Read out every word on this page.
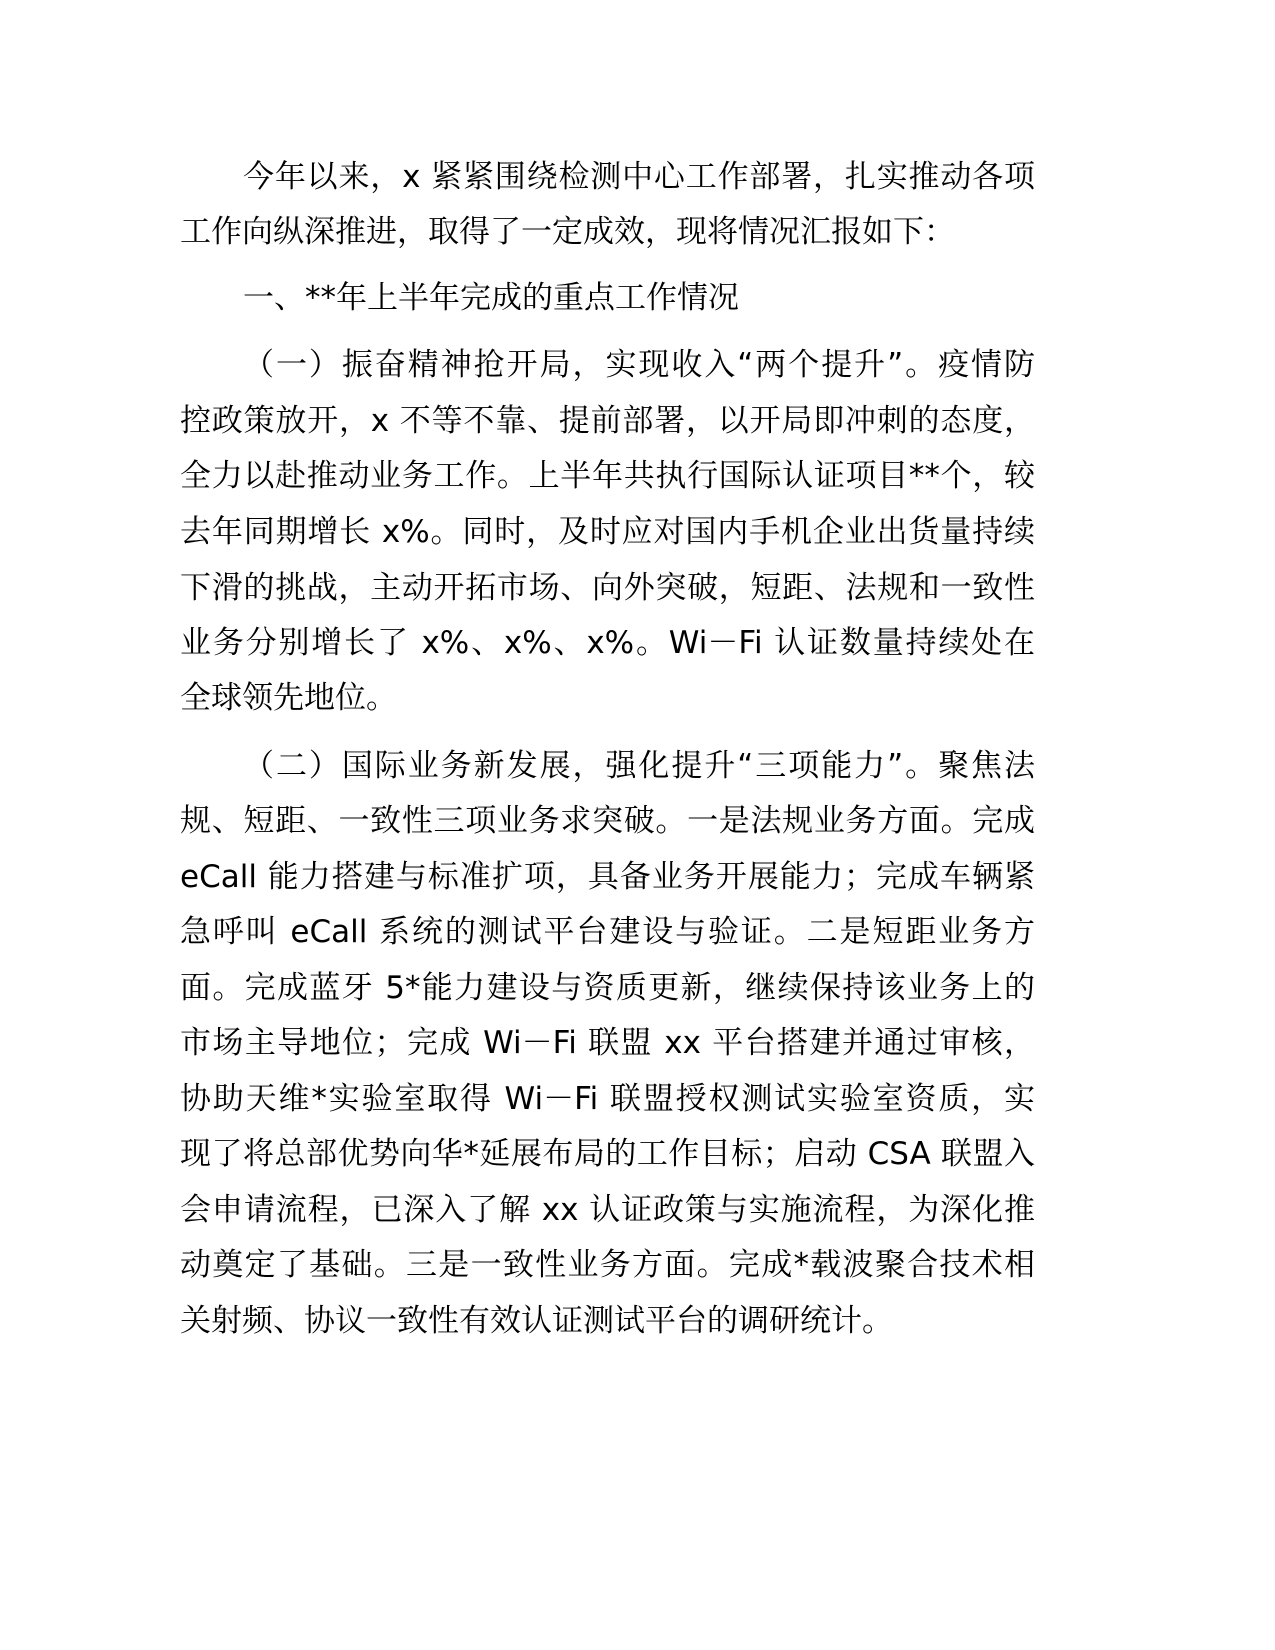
今年以来，x 紧紧围绕检测中心工作部署，扎实推动各项
工作向纵深推进，取得了一定成效，现将情况汇报如下：
一、**年上半年完成的重点工作情况
（一）振奋精神抢开局，实现收入“两个提升”。疫情防
控政策放开，x 不等不靠、提前部署，以开局即冲刺的态度，
全力以赴推动业务工作。上半年共执行国际认证项目**个，较
去年同期增长 x%。同时，及时应对国内手机企业出货量持续
下滑的挑战，主动开拓市场、向外突破，短距、法规和一致性
业务分别增长了 x%、x%、x%。Wi－Fi 认证数量持续处在
全球领先地位。
（二）国际业务新发展，强化提升“三项能力”。聚焦法
规、短距、一致性三项业务求突破。一是法规业务方面。完成
eCall 能力搭建与标准扩项，具备业务开展能力；完成车辆紧
急呼叫 eCall 系统的测试平台建设与验证。二是短距业务方
面。完成蓝牙 5*能力建设与资质更新，继续保持该业务上的
市场主导地位；完成 Wi－Fi 联盟 xx 平台搭建并通过审核，
协助天维*实验室取得 Wi－Fi 联盟授权测试实验室资质，实
现了将总部优势向华*延展布局的工作目标；启动 CSA 联盟入
会申请流程，已深入了解 xx 认证政策与实施流程，为深化推
动奠定了基础。三是一致性业务方面。完成*载波聚合技术相
关射频、协议一致性有效认证测试平台的调研统计。
